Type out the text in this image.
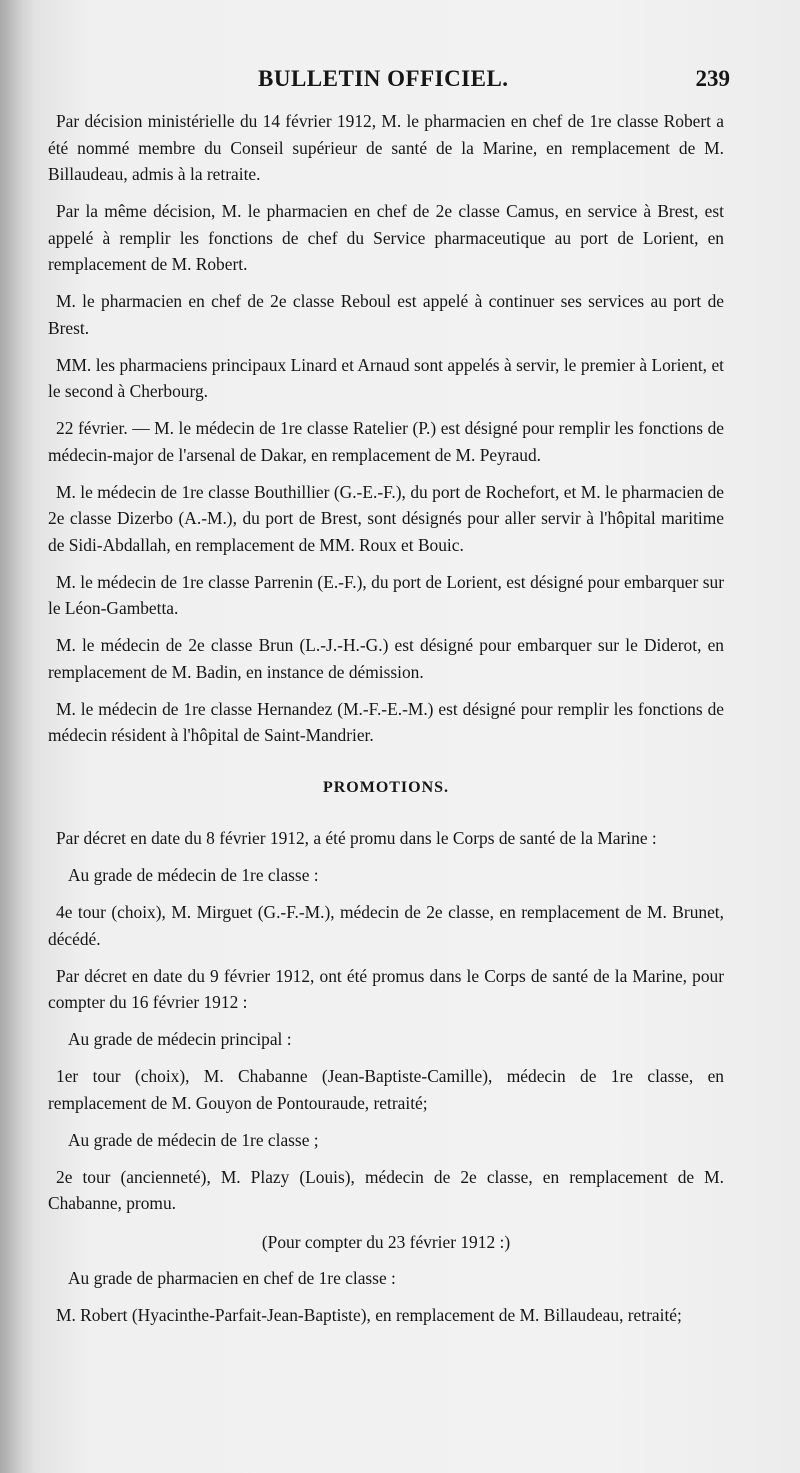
BULLETIN OFFICIEL.	239

Par décision ministérielle du 14 février 1912, M. le pharmacien en chef de 1re classe Robert a été nommé membre du Conseil supérieur de santé de la Marine, en remplacement de M. Billaudeau, admis à la retraite.

Par la même décision, M. le pharmacien en chef de 2e classe Camus, en service à Brest, est appelé à remplir les fonctions de chef du Service pharmaceutique au port de Lorient, en remplacement de M. Robert.

M. le pharmacien en chef de 2e classe Reboul est appelé à continuer ses services au port de Brest.

MM. les pharmaciens principaux Linard et Arnaud sont appelés à servir, le premier à Lorient, et le second à Cherbourg.

22 février. — M. le médecin de 1re classe Ratelier (P.) est désigné pour remplir les fonctions de médecin-major de l'arsenal de Dakar, en remplacement de M. Peyraud.

M. le médecin de 1re classe Bouthillier (G.-E.-F.), du port de Rochefort, et M. le pharmacien de 2e classe Dizerbo (A.-M.), du port de Brest, sont désignés pour aller servir à l'hôpital maritime de Sidi-Abdallah, en remplacement de MM. Roux et Bouic.

M. le médecin de 1re classe Parrenin (E.-F.), du port de Lorient, est désigné pour embarquer sur le Léon-Gambetta.

M. le médecin de 2e classe Brun (L.-J.-H.-G.) est désigné pour embarquer sur le Diderot, en remplacement de M. Badin, en instance de démission.

M. le médecin de 1re classe Hernandez (M.-F.-E.-M.) est désigné pour remplir les fonctions de médecin résident à l'hôpital de Saint-Mandrier.

PROMOTIONS.

Par décret en date du 8 février 1912, a été promu dans le Corps de santé de la Marine :

Au grade de médecin de 1re classe :

4e tour (choix), M. Mirguet (G.-F.-M.), médecin de 2e classe, en remplacement de M. Brunet, décédé.

Par décret en date du 9 février 1912, ont été promus dans le Corps de santé de la Marine, pour compter du 16 février 1912 :

Au grade de médecin principal :

1er tour (choix), M. Chabanne (Jean-Baptiste-Camille), médecin de 1re classe, en remplacement de M. Gouyon de Pontouraude, retraité;

Au grade de médecin de 1re classe ;

2e tour (ancienneté), M. Plazy (Louis), médecin de 2e classe, en remplacement de M. Chabanne, promu.

(Pour compter du 23 février 1912 :)

Au grade de pharmacien en chef de 1re classe :

M. Robert (Hyacinthe-Parfait-Jean-Baptiste), en remplacement de M. Billaudeau, retraité;
